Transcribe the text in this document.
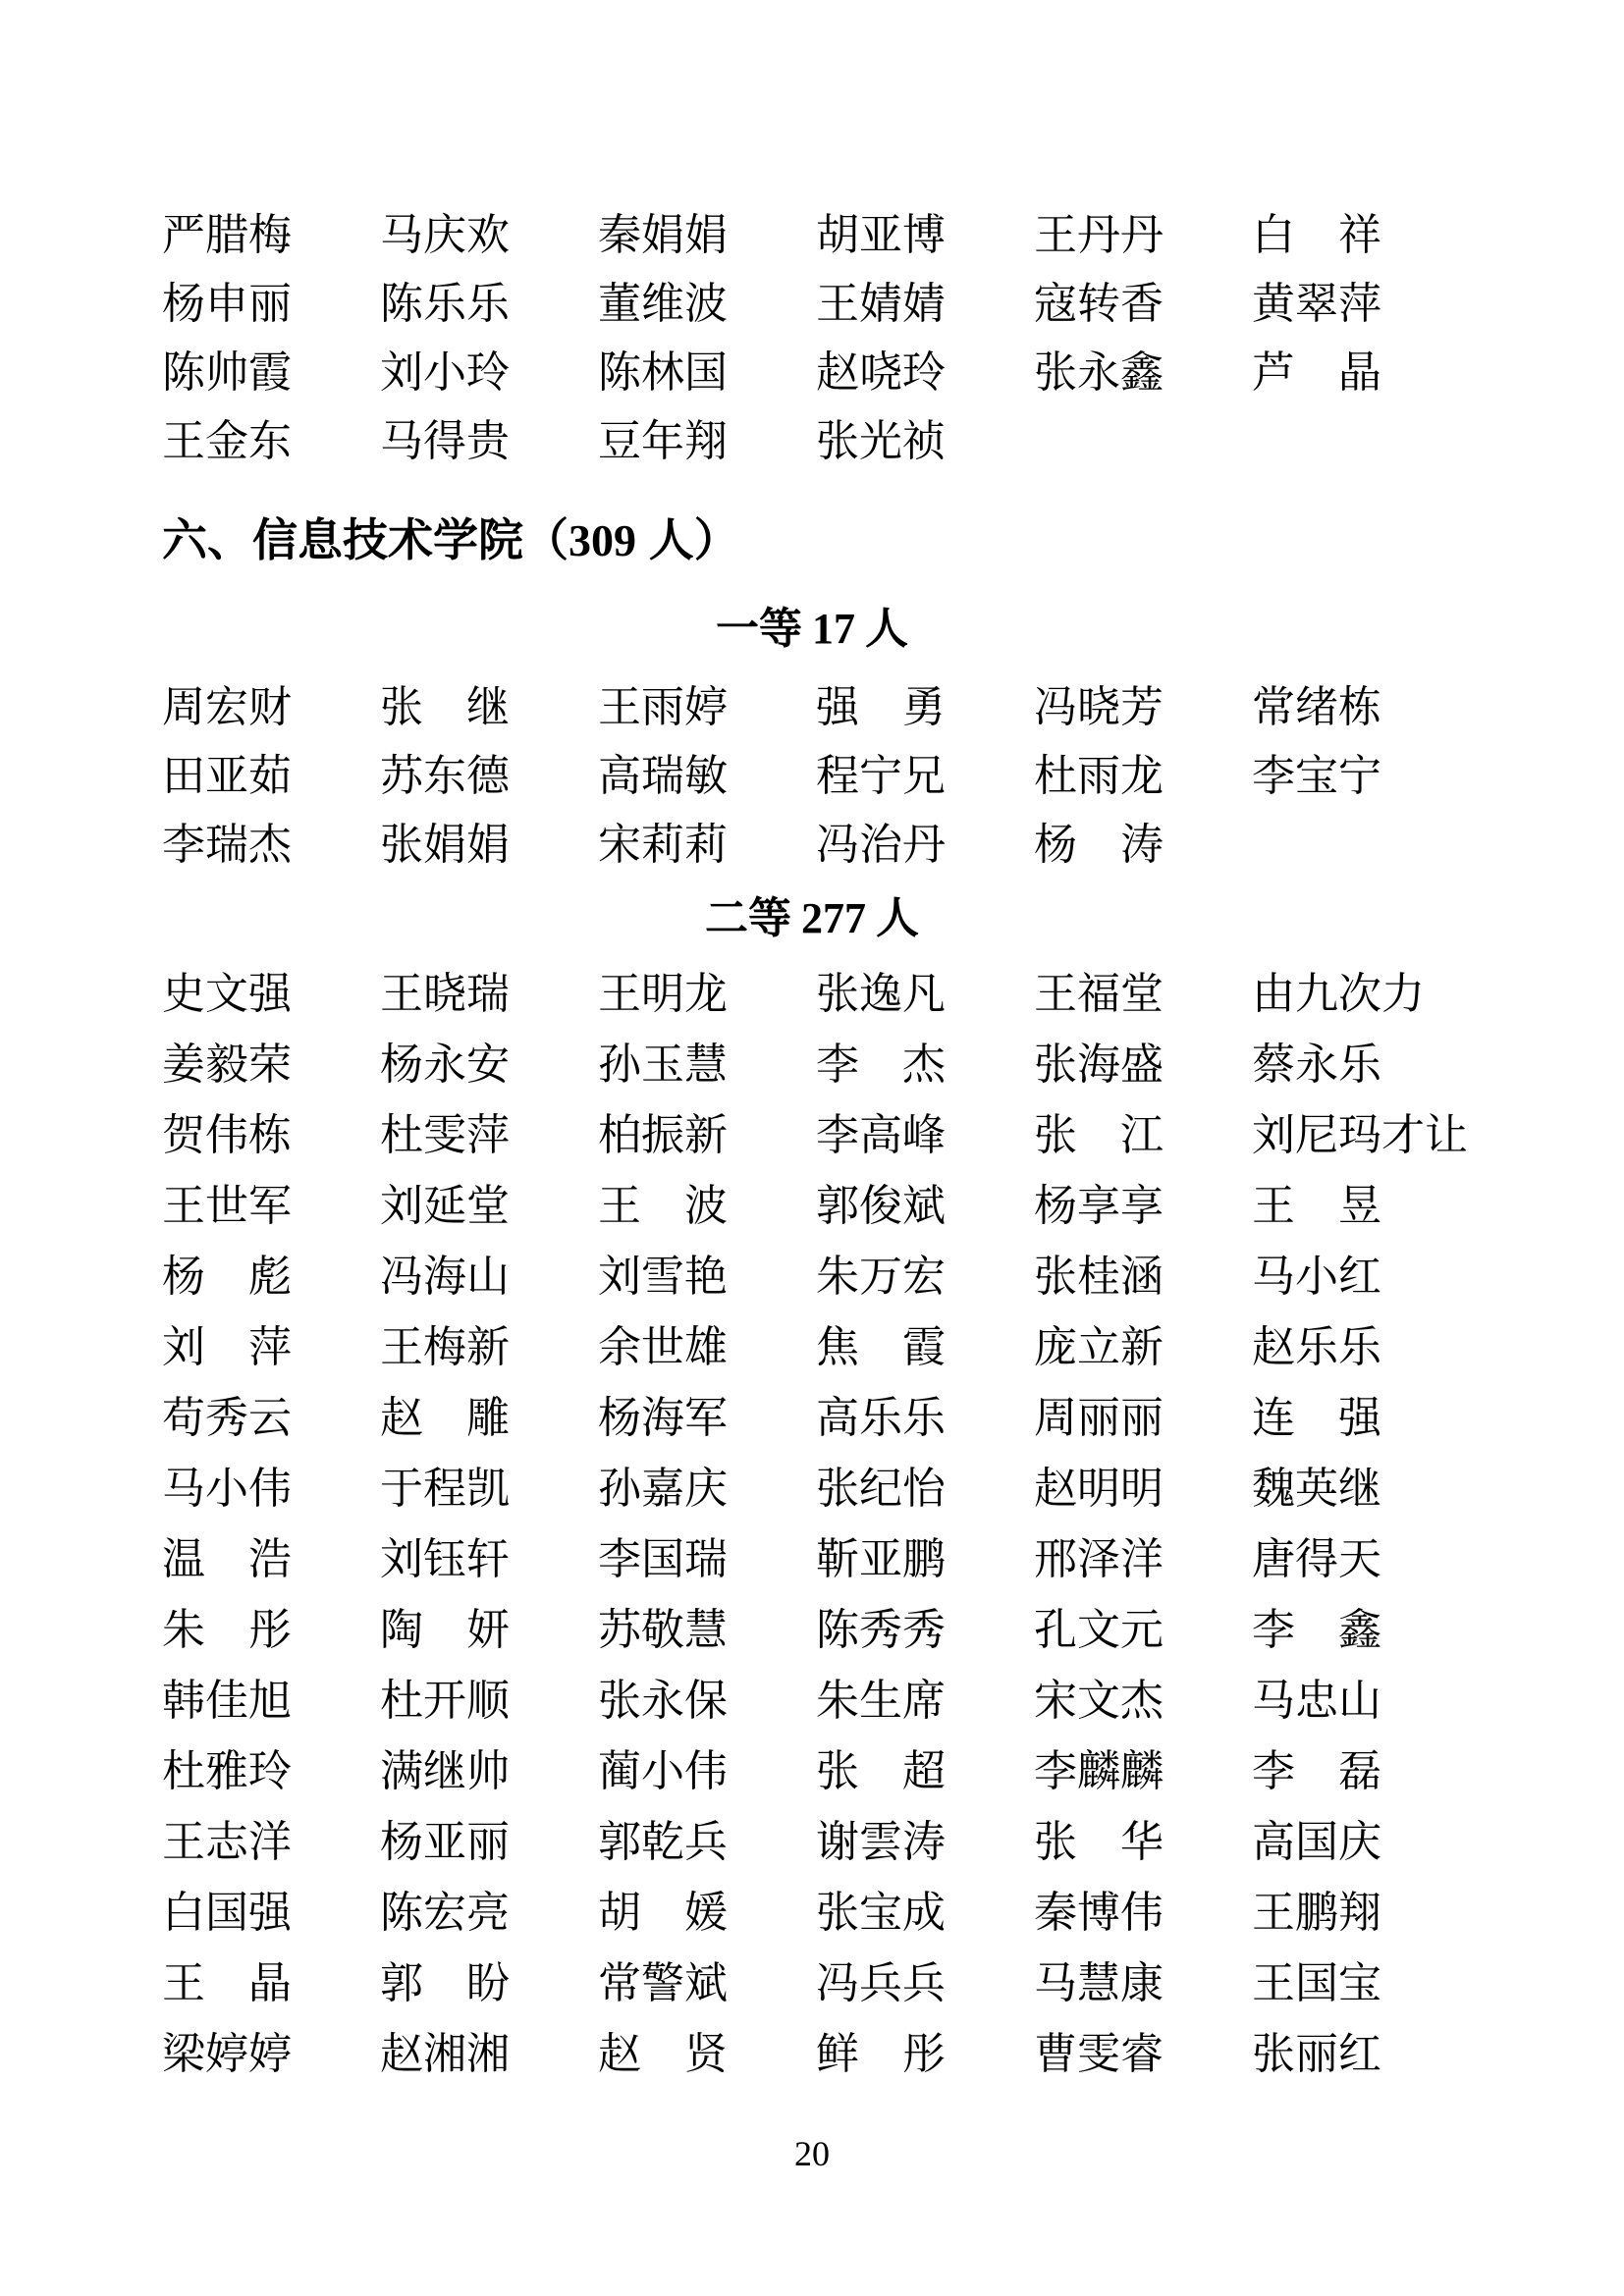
严腊梅	马庆欢	秦娟娟	胡亚博	王丹丹	白　祥
杨申丽	陈乐乐	董维波	王婧婧	寇转香	黄翠萍
陈帅霞	刘小玲	陈林国	赵哓玲	张永鑫	芦　晶
王金东	马得贵	豆年翔	张光祯
六、信息技术学院（309 人）
一等 17 人
周宏财	张　继	王雨婷	强　勇	冯晓芳	常绪栋
田亚茹	苏东德	高瑞敏	程宁兄	杜雨龙	李宝宁
李瑞杰	张娟娟	宋莉莉	冯治丹	杨　涛
二等 277 人
史文强	王晓瑞	王明龙	张逸凡	王福堂	由九次力
姜毅荣	杨永安	孙玉慧	李　杰	张海盛	蔡永乐
贺伟栋	杜雯萍	柏振新	李高峰	张　江	刘尼玛才让
王世军	刘延堂	王　波	郭俊斌	杨享享	王　昱
杨　彪	冯海山	刘雪艳	朱万宏	张桂涵	马小红
刘　萍	王梅新	余世雄	焦　霞	庞立新	赵乐乐
苟秀云	赵　雕	杨海军	高乐乐	周丽丽	连　强
马小伟	于程凯	孙嘉庆	张纪怡	赵明明	魏英继
温　浩	刘钰轩	李国瑞	靳亚鹏	邢泽洋	唐得天
朱　彤	陶　妍	苏敬慧	陈秀秀	孔文元	李　鑫
韩佳旭	杜开顺	张永保	朱生席	宋文杰	马忠山
杜雅玲	满继帅	蔺小伟	张　超	李麟麟	李　磊
王志洋	杨亚丽	郭乾兵	谢雲涛	张　华	高国庆
白国强	陈宏亮	胡　媛	张宝成	秦博伟	王鹏翔
王　晶	郭　盼	常警斌	冯兵兵	马慧康	王国宝
梁婷婷	赵湘湘	赵　贤	鲜　彤	曹雯睿	张丽红
20
